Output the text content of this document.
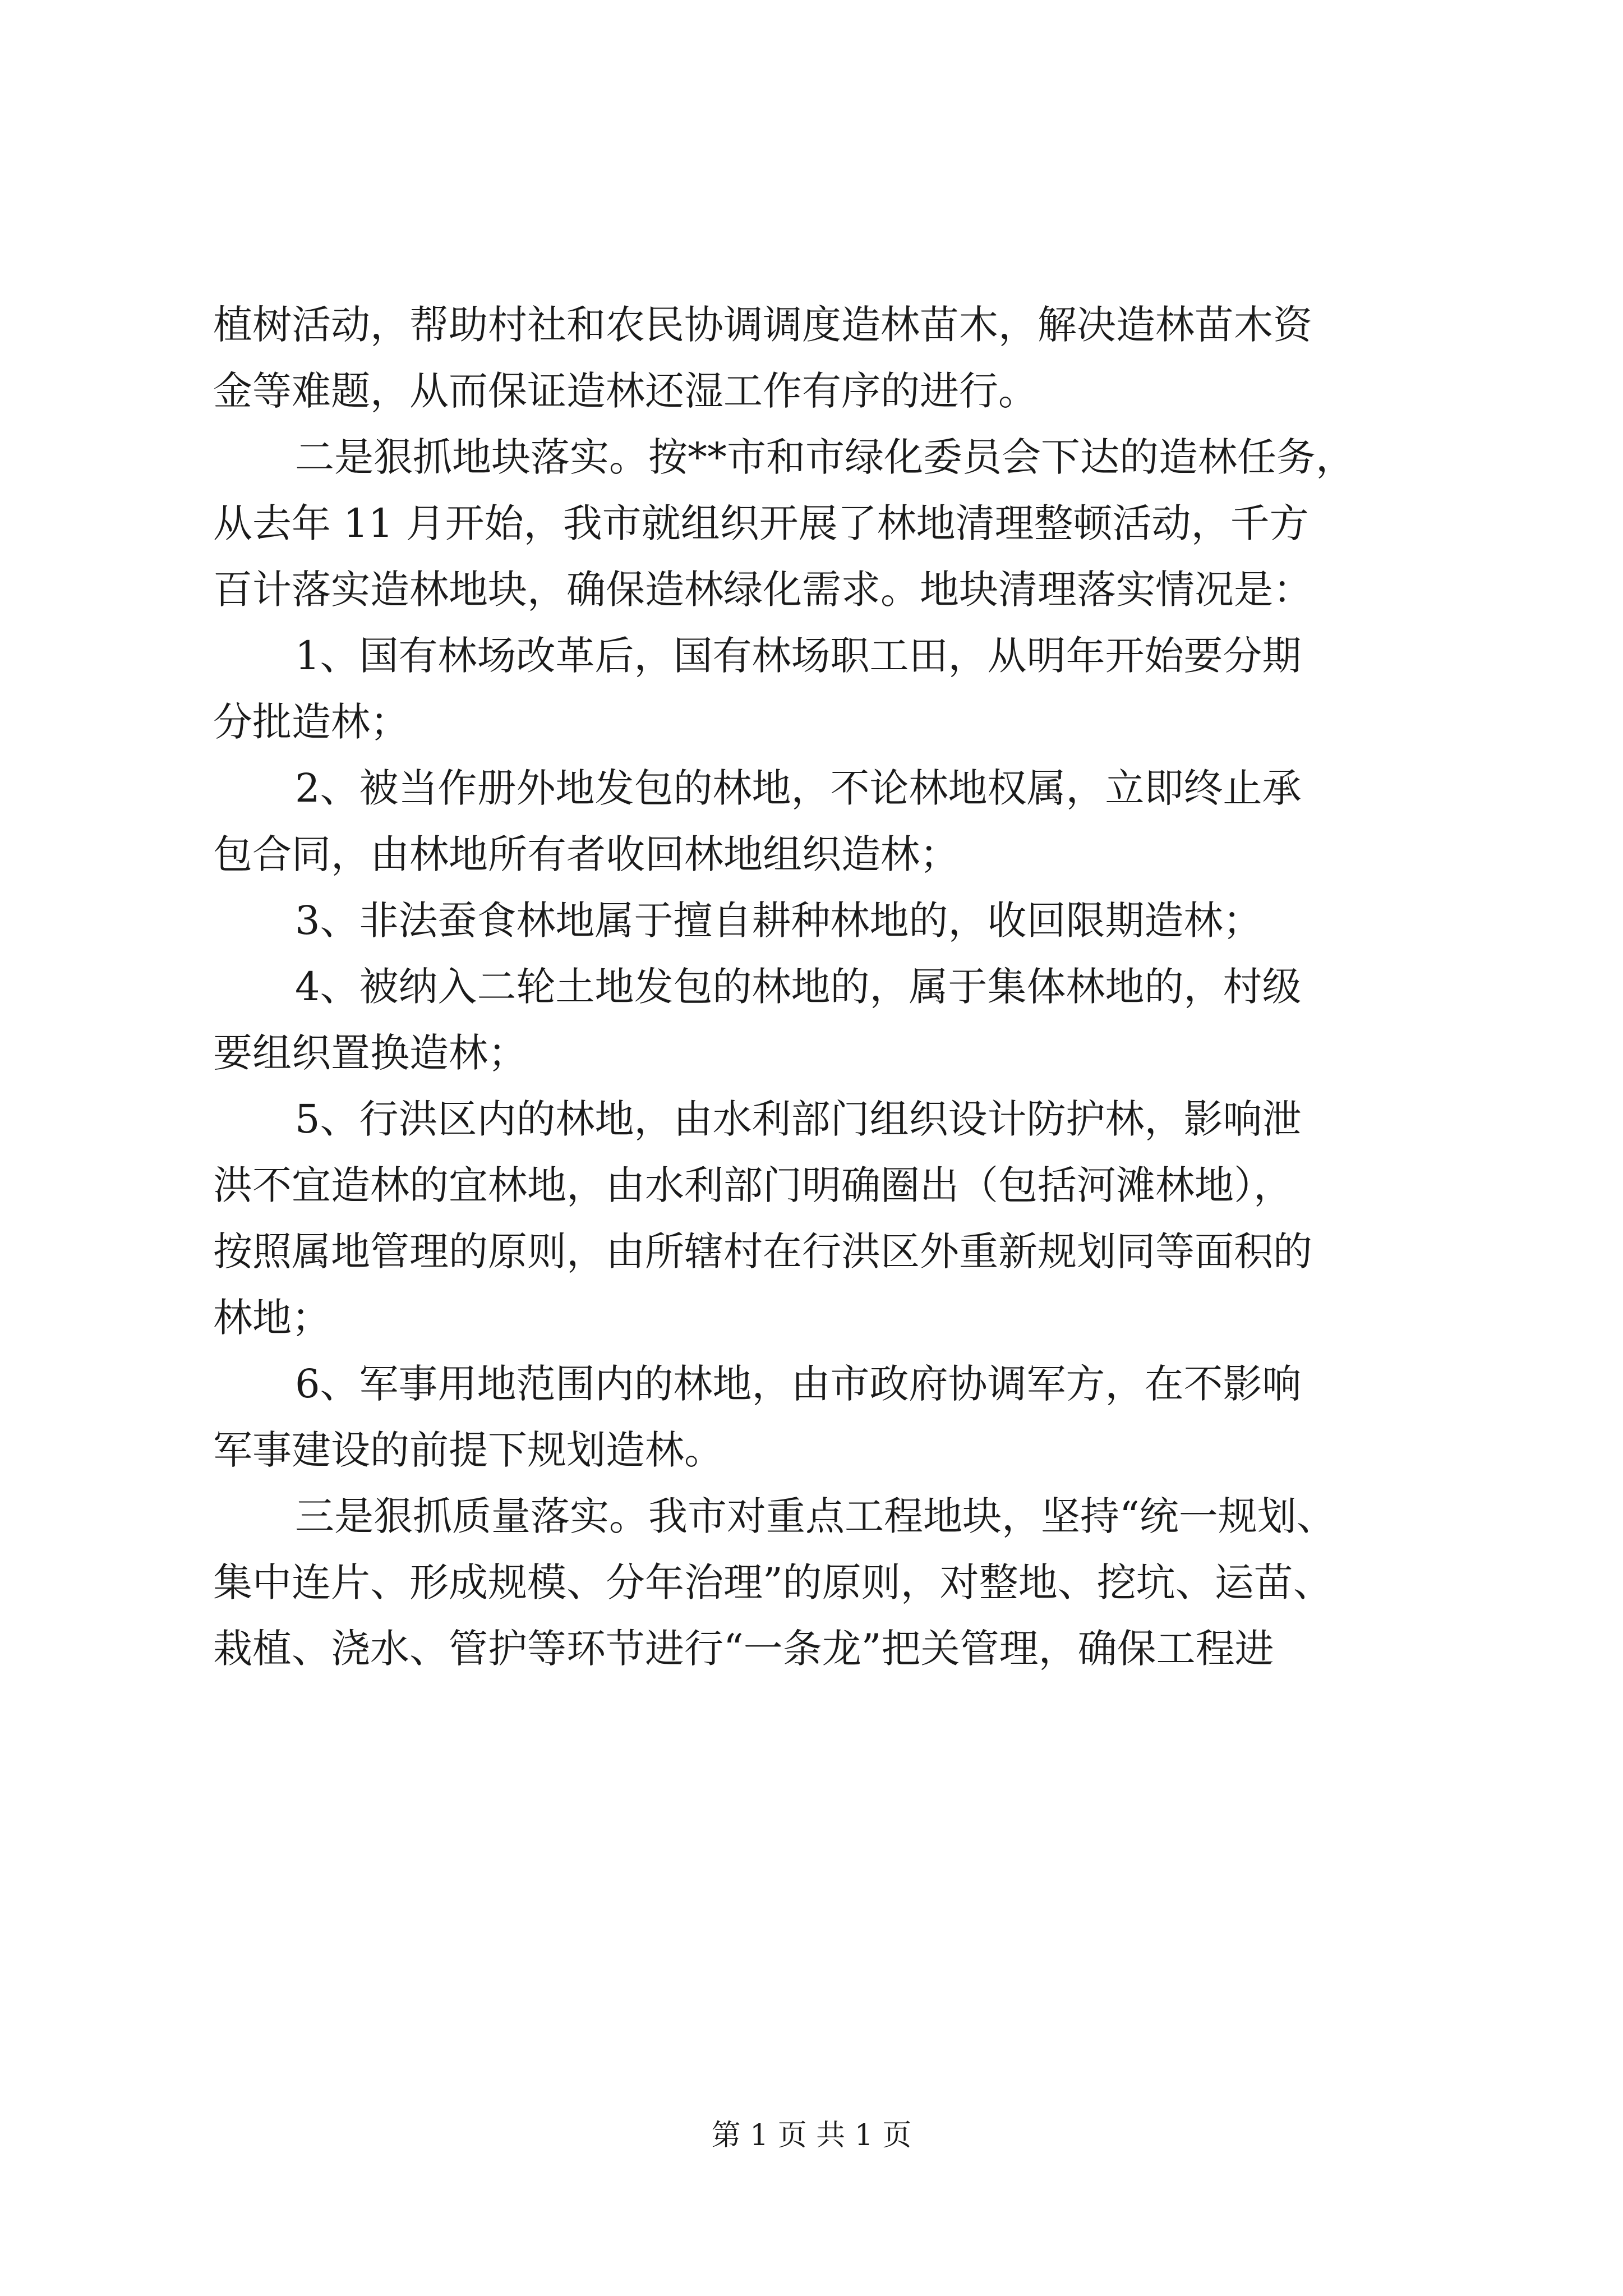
植树活动，帮助村社和农民协调调度造林苗木，解决造林苗木资
金等难题，从而保证造林还湿工作有序的进行。
二是狠抓地块落实。按**市和市绿化委员会下达的造林任务，
从去年 11 月开始，我市就组织开展了林地清理整顿活动，千方
百计落实造林地块，确保造林绿化需求。地块清理落实情况是：
1、国有林场改革后，国有林场职工田，从明年开始要分期
分批造林；
2、被当作册外地发包的林地，不论林地权属，立即终止承
包合同，由林地所有者收回林地组织造林；
3、非法蚕食林地属于擅自耕种林地的，收回限期造林；
4、被纳入二轮土地发包的林地的，属于集体林地的，村级
要组织置换造林；
5、行洪区内的林地，由水利部门组织设计防护林，影响泄
洪不宜造林的宜林地，由水利部门明确圈出（包括河滩林地），
按照属地管理的原则，由所辖村在行洪区外重新规划同等面积的
林地；
6、军事用地范围内的林地，由市政府协调军方，在不影响
军事建设的前提下规划造林。
三是狠抓质量落实。我市对重点工程地块，坚持“统一规划、
集中连片、形成规模、分年治理”的原则，对整地、挖坑、运苗、
栽植、浇水、管护等环节进行“一条龙”把关管理，确保工程进
第 1 页 共 1 页
